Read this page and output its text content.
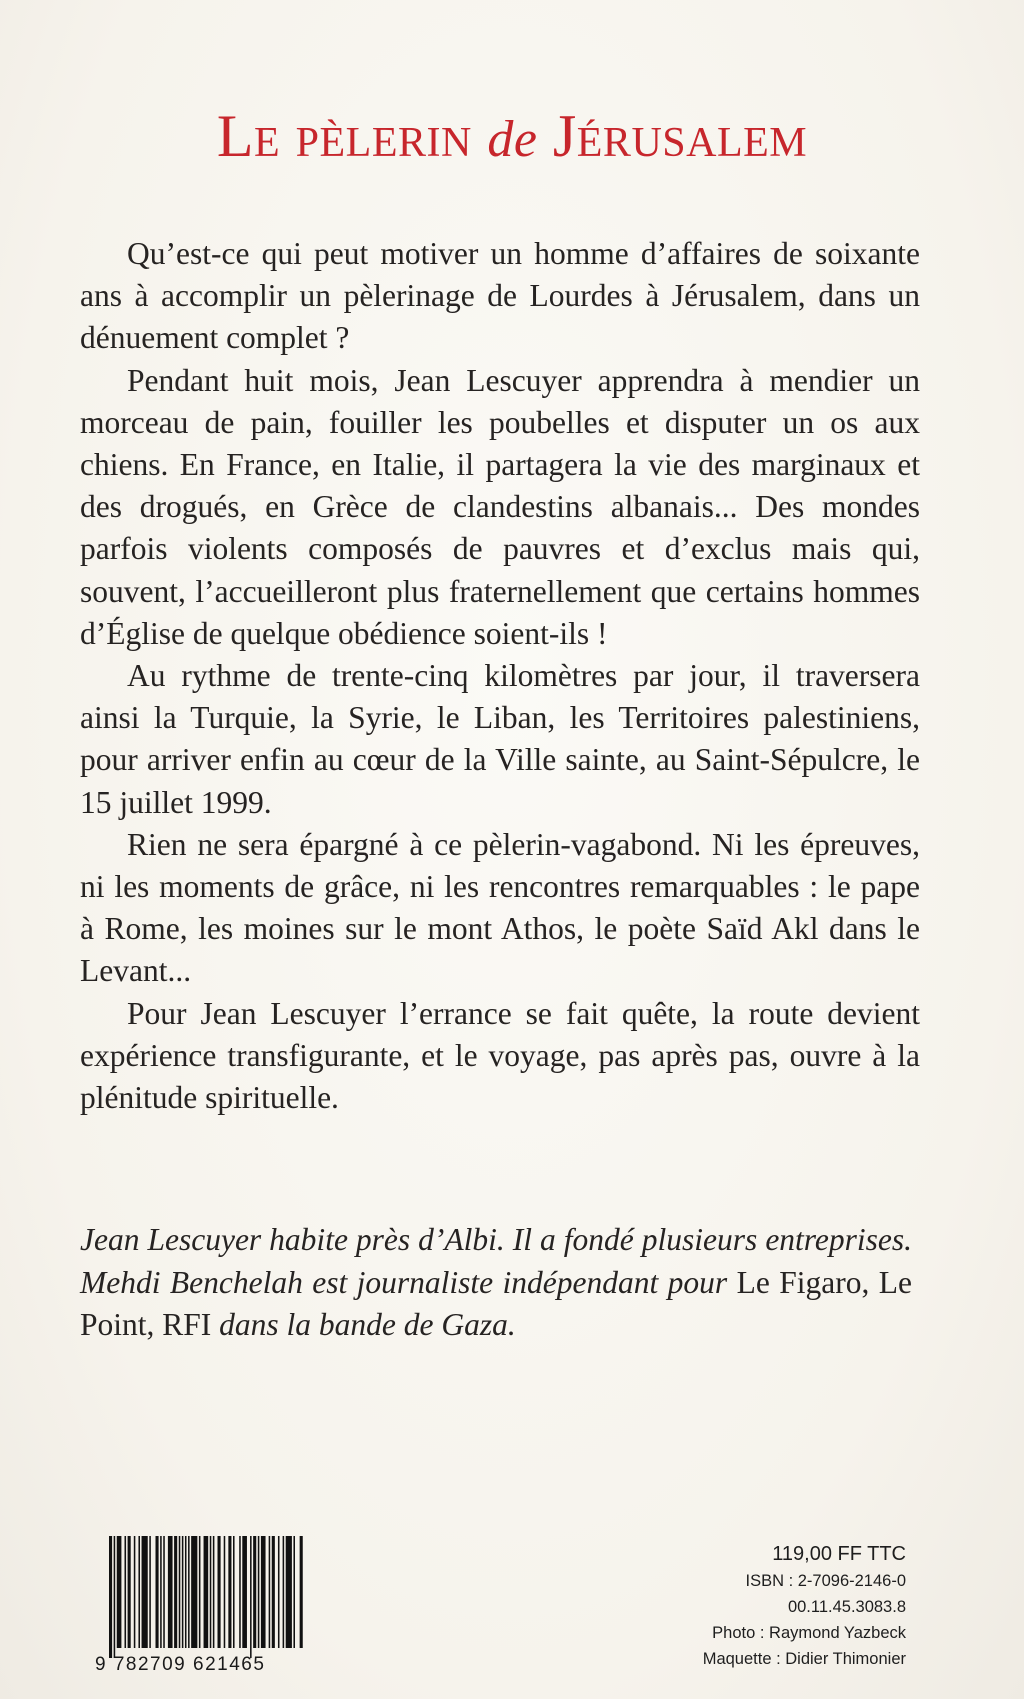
Le pèlerin de Jérusalem

Qu’est-ce qui peut motiver un homme d’affaires de soixante ans à accomplir un pèlerinage de Lourdes à Jérusalem, dans un dénuement complet ?

Pendant huit mois, Jean Lescuyer apprendra à mendier un morceau de pain, fouiller les poubelles et disputer un os aux chiens. En France, en Italie, il partagera la vie des marginaux et des drogués, en Grèce de clandestins albanais... Des mondes parfois violents composés de pauvres et d’exclus mais qui, souvent, l’accueilleront plus fraternellement que certains hommes d’Église de quelque obédience soient-ils !

Au rythme de trente-cinq kilomètres par jour, il traversera ainsi la Turquie, la Syrie, le Liban, les Territoires palestiniens, pour arriver enfin au cœur de la Ville sainte, au Saint-Sépulcre, le 15 juillet 1999.

Rien ne sera épargné à ce pèlerin-vagabond. Ni les épreuves, ni les moments de grâce, ni les rencontres remarquables : le pape à Rome, les moines sur le mont Athos, le poète Saïd Akl dans le Levant...

Pour Jean Lescuyer l’errance se fait quête, la route devient expérience transfigurante, et le voyage, pas après pas, ouvre à la plénitude spirituelle.

Jean Lescuyer habite près d’Albi. Il a fondé plusieurs entreprises. Mehdi Benchelah est journaliste indépendant pour Le Figaro, Le Point, RFI dans la bande de Gaza.
9 782709 621465
119,00 FF TTC
ISBN : 2-7096-2146-0
00.11.45.3083.8
Photo : Raymond Yazbeck
Maquette : Didier Thimonier
